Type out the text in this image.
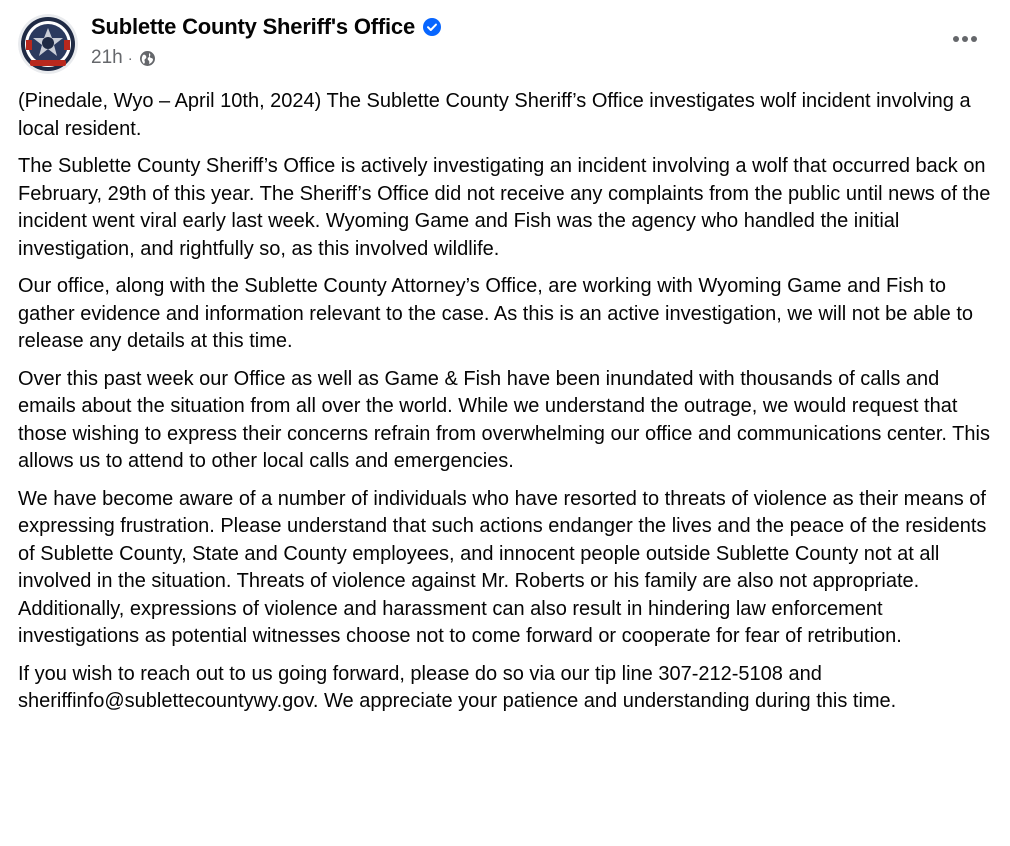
Sublette County Sheriff's Office
21h ·

(Pinedale, Wyo – April 10th, 2024) The Sublette County Sheriff’s Office investigates wolf incident involving a local resident.

The Sublette County Sheriff’s Office is actively investigating an incident involving a wolf that occurred back on February, 29th of this year. The Sheriff’s Office did not receive any complaints from the public until news of the incident went viral early last week. Wyoming Game and Fish was the agency who handled the initial investigation, and rightfully so, as this involved wildlife.

Our office, along with the Sublette County Attorney’s Office, are working with Wyoming Game and Fish to gather evidence and information relevant to the case. As this is an active investigation, we will not be able to release any details at this time.

Over this past week our Office as well as Game & Fish have been inundated with thousands of calls and emails about the situation from all over the world. While we understand the outrage, we would request that those wishing to express their concerns refrain from overwhelming our office and communications center. This allows us to attend to other local calls and emergencies.

We have become aware of a number of individuals who have resorted to threats of violence as their means of expressing frustration. Please understand that such actions endanger the lives and the peace of the residents of Sublette County, State and County employees, and innocent people outside Sublette County not at all involved in the situation. Threats of violence against Mr. Roberts or his family are also not appropriate. Additionally, expressions of violence and harassment can also result in hindering law enforcement investigations as potential witnesses choose not to come forward or cooperate for fear of retribution.

If you wish to reach out to us going forward, please do so via our tip line 307-212-5108 and sheriffinfo@sublettecountywy.gov. We appreciate your patience and understanding during this time.
